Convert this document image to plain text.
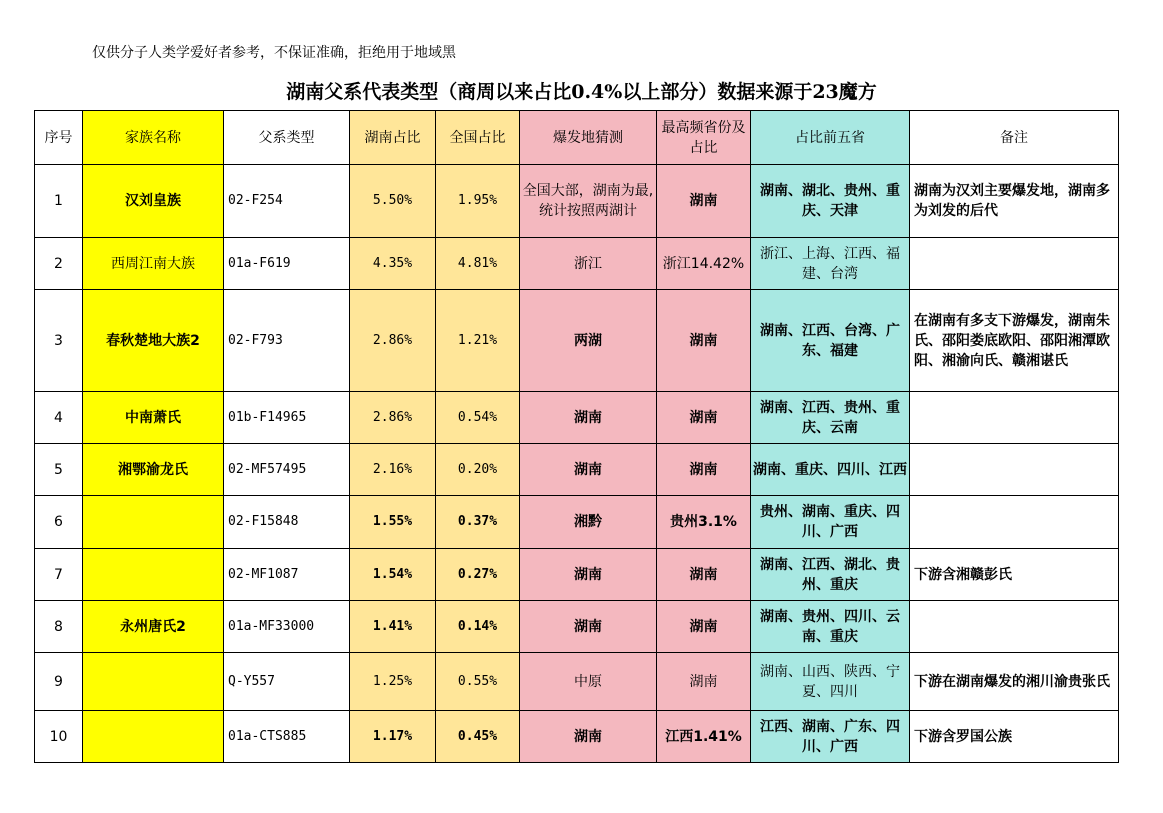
仅供分子人类学爱好者参考，不保证准确，拒绝用于地域黑
湖南父系代表类型（商周以来占比0.4%以上部分）数据来源于23魔方
序号	家族名称	父系类型	湖南占比	全国占比	爆发地猜测	最高频省份及占比	占比前五省	备注
1	汉刘皇族	02-F254	5.50%	1.95%	全国大部，湖南为最,统计按照两湖计	湖南	湖南、湖北、贵州、重庆、天津	湖南为汉刘主要爆发地，湖南多为刘发的后代
2	西周江南大族	01a-F619	4.35%	4.81%	浙江	浙江14.42%	浙江、上海、江西、福建、台湾	
3	春秋楚地大族2	02-F793	2.86%	1.21%	两湖	湖南	湖南、江西、台湾、广东、福建	在湖南有多支下游爆发，湖南朱氏、邵阳娄底欧阳、邵阳湘潭欧阳、湘渝向氏、赣湘谌氏
4	中南萧氏	01b-F14965	2.86%	0.54%	湖南	湖南	湖南、江西、贵州、重庆、云南	
5	湘鄂渝龙氏	02-MF57495	2.16%	0.20%	湖南	湖南	湖南、重庆、四川、江西	
6		02-F15848	1.55%	0.37%	湘黔	贵州3.1%	贵州、湖南、重庆、四川、广西	
7		02-MF1087	1.54%	0.27%	湖南	湖南	湖南、江西、湖北、贵州、重庆	下游含湘赣彭氏
8	永州唐氏2	01a-MF33000	1.41%	0.14%	湖南	湖南	湖南、贵州、四川、云南、重庆	
9		Q-Y557	1.25%	0.55%	中原	湖南	湖南、山西、陕西、宁夏、四川	下游在湖南爆发的湘川渝贵张氏
10		01a-CTS885	1.17%	0.45%	湖南	江西1.41%	江西、湖南、广东、四川、广西	下游含罗国公族
